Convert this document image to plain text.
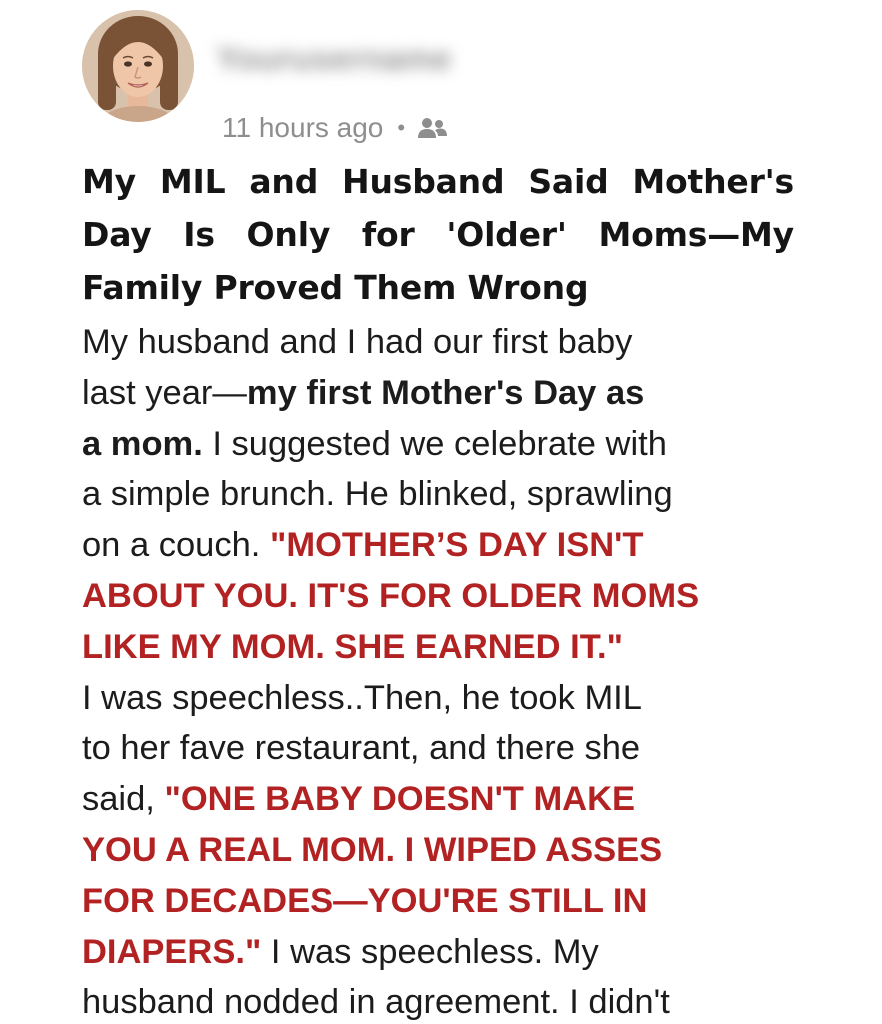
Yourusername
11 hours ago •
My MIL and Husband Said Mother's Day Is Only for 'Older' Moms—My Family Proved Them Wrong
My husband and I had our first baby
last year—my first Mother's Day as
a mom. I suggested we celebrate with
a simple brunch. He blinked, sprawling
on a couch. "MOTHER’S DAY ISN'T
ABOUT YOU. IT'S FOR OLDER MOMS
LIKE MY MOM. SHE EARNED IT."
I was speechless..Then, he took MIL
to her fave restaurant, and there she
said, "ONE BABY DOESN'T MAKE
YOU A REAL MOM. I WIPED ASSES
FOR DECADES—YOU'RE STILL IN
DIAPERS." I was speechless. My
husband nodded in agreement. I didn't
